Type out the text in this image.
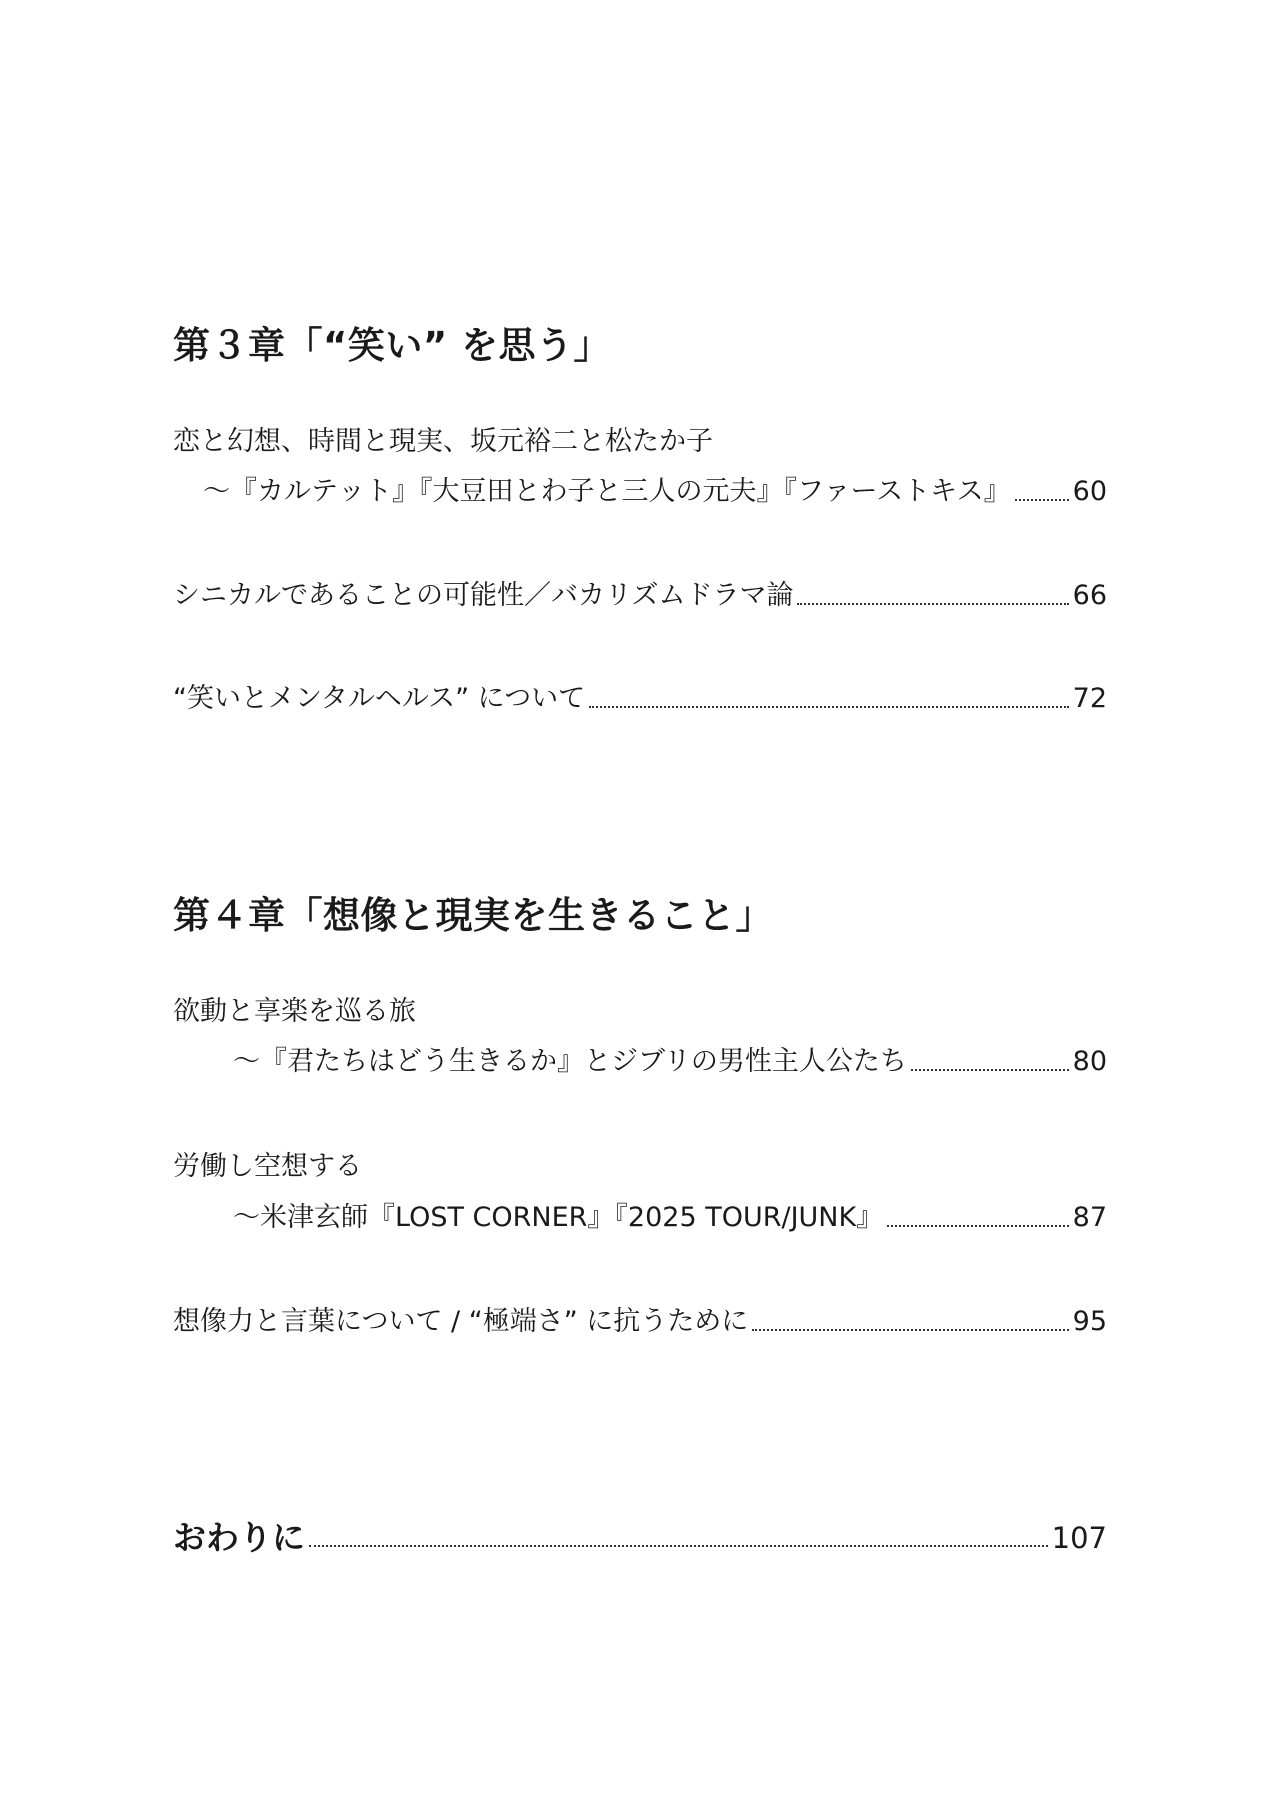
第３章「“笑い” を思う」
恋と幻想、時間と現実、坂元裕二と松たか子
～『カルテット』『大豆田とわ子と三人の元夫』『ファーストキス』 60
シニカルであることの可能性／バカリズムドラマ論	66
“笑いとメンタルヘルス” について	72
第４章「想像と現実を生きること」
欲動と享楽を巡る旅
～『君たちはどう生きるか』とジブリの男性主人公たち	80
労働し空想する
～米津玄師『LOST CORNER』『2025 TOUR/JUNK』	87
想像力と言葉について / “極端さ” に抗うために	95
おわりに	107
